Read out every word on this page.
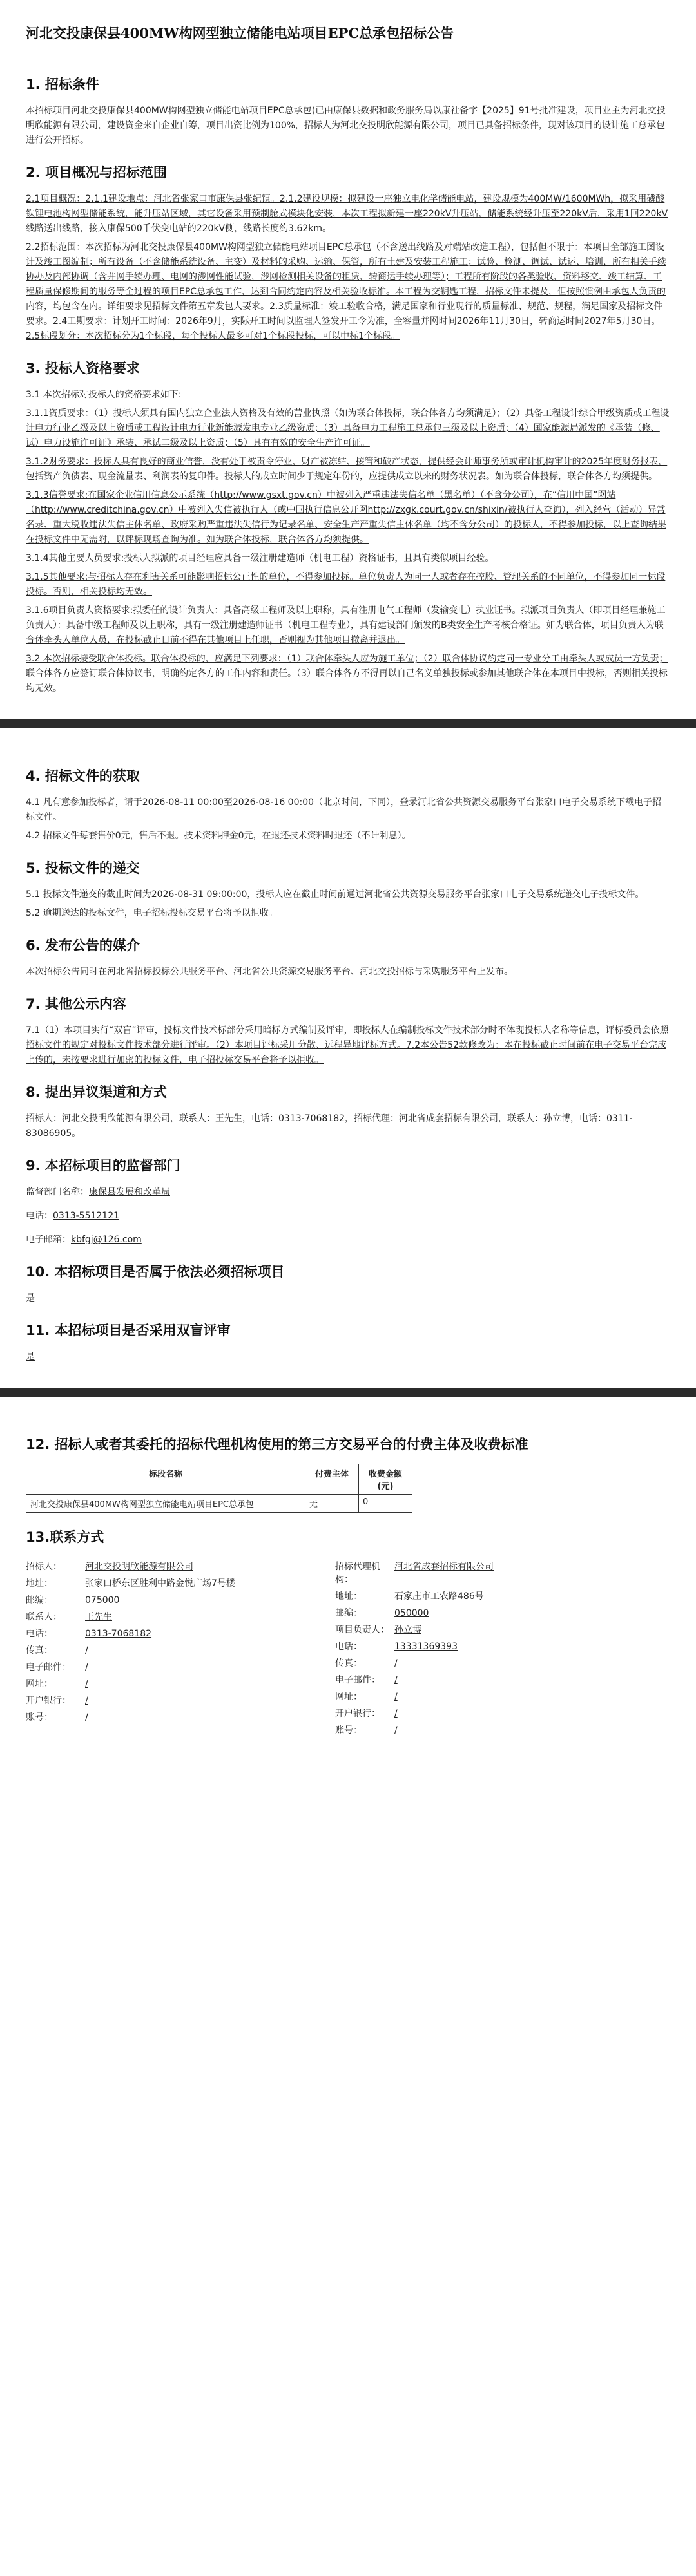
河北交投康保县400MW构网型独立储能电站项目EPC总承包招标公告
1. 招标条件

本招标项目河北交投康保县400MW构网型独立储能电站项目EPC总承包(已由康保县数据和政务服务局以康社备字【2025】91号批准建设，项目业主为河北交投明欣能源有限公司，建设资金来自企业自筹，项目出资比例为100%，招标人为河北交投明欣能源有限公司，项目已具备招标条件，现对该项目的设计施工总承包进行公开招标。

2. 项目概况与招标范围

2.1项目概况：2.1.1建设地点：河北省张家口市康保县张纪镇。2.1.2建设规模：拟建设一座独立电化学储能电站，建设规模为400MW/1600MWh，拟采用磷酸铁锂电池构网型储能系统，能升压站区域，其它设备采用预制舱式模块化安装，本次工程拟新建一座220kV升压站，储能系统经升压至220kV后，采用1回220kV线路送出线路，接入康保500千伏变电站的220kV侧，线路长度约3.62km。

2.2招标范围：本次招标为河北交投康保县400MW构网型独立储能电站项目EPC总承包（不含送出线路及对端站改造工程），包括但不限于：本项目全部施工图设计及竣工图编制；所有设备（不含储能系统设备、主变）及材料的采购、运输、保管，所有土建及安装工程施工；试验、检测、调试、试运、培训，所有相关手续协办及内部协调（含并网手续办理、电网的涉网性能试验，涉网检测相关设备的租赁，转商运手续办理等）；工程所有阶段的各类验收，资料移交、竣工结算、工程质量保修期间的服务等全过程的项目EPC总承包工作，达到合同约定内容及相关验收标准。本工程为交钥匙工程，招标文件未提及，但按照惯例由承包人负责的内容，均包含在内。详细要求见招标文件第五章发包人要求。2.3质量标准：竣工验收合格，满足国家和行业现行的质量标准、规范、规程，满足国家及招标文件要求。2.4工期要求：计划开工时间：2026年9月，实际开工时间以监理人签发开工令为准，全容量并网时间2026年11月30日，转商运时间2027年5月30日。2.5标段划分：本次招标分为1个标段，每个投标人最多可对1个标段投标，可以中标1个标段。

3. 投标人资格要求

3.1 本次招标对投标人的资格要求如下:

3.1.1资质要求：（1）投标人须具有国内独立企业法人资格及有效的营业执照（如为联合体投标，联合体各方均须满足）；（2）具备工程设计综合甲级资质或工程设计电力行业乙级及以上资质或工程设计电力行业新能源发电专业乙级资质；（3）具备电力工程施工总承包三级及以上资质；（4）国家能源局派发的《承装（修、试）电力设施许可证》承装、承试二级及以上资质；（5）具有有效的安全生产许可证。

3.1.2财务要求：投标人具有良好的商业信誉，没有处于被责令停业，财产被冻结、接管和破产状态，提供经会计师事务所或审计机构审计的2025年度财务报表，包括资产负债表、现金流量表、利润表的复印件。投标人的成立时间少于规定年份的，应提供成立以来的财务状况表。如为联合体投标，联合体各方均须提供。

3.1.3信誉要求:在国家企业信用信息公示系统（http://www.gsxt.gov.cn）中被列入严重违法失信名单（黑名单）（不含分公司），在“信用中国”网站（http://www.creditchina.gov.cn）中被列入失信被执行人（或中国执行信息公开网http://zxgk.court.gov.cn/shixin/被执行人查询），列入经营（活动）异常名录、重大税收违法失信主体名单、政府采购严重违法失信行为记录名单、安全生产严重失信主体名单（均不含分公司）的投标人，不得参加投标，以上查询结果在投标文件中无需附，以评标现场查询为准。如为联合体投标，联合体各方均须提供。

3.1.4其他主要人员要求:投标人拟派的项目经理应具备一级注册建造师（机电工程）资格证书，且具有类似项目经验。

3.1.5其他要求:与招标人存在利害关系可能影响招标公正性的单位，不得参加投标。单位负责人为同一人或者存在控股、管理关系的不同单位，不得参加同一标段投标。否则，相关投标均无效。

3.1.6项目负责人资格要求:拟委任的设计负责人：具备高级工程师及以上职称，具有注册电气工程师（发输变电）执业证书。拟派项目负责人（即项目经理兼施工负责人）：具备中级工程师及以上职称，具有一级注册建造师证书（机电工程专业），具有建设部门颁发的B类安全生产考核合格证。如为联合体，项目负责人为联合体牵头人单位人员，在投标截止日前不得在其他项目上任职，否则视为其他项目撤离并退出。

3.2 本次招标接受联合体投标。联合体投标的，应满足下列要求：（1）联合体牵头人应为施工单位；（2）联合体协议约定同一专业分工由牵头人或成员一方负责；联合体各方应签订联合体协议书，明确约定各方的工作内容和责任。（3）联合体各方不得再以自己名义单独投标或参加其他联合体在本项目中投标，否则相关投标均无效。

4. 招标文件的获取

4.1 凡有意参加投标者，请于2026-08-11 00:00至2026-08-16 00:00（北京时间，下同），登录河北省公共资源交易服务平台张家口电子交易系统下载电子招标文件。

4.2 招标文件每套售价0元，售后不退。技术资料押金0元，在退还技术资料时退还（不计利息）。

5. 投标文件的递交

5.1 投标文件递交的截止时间为2026-08-31 09:00:00，投标人应在截止时间前通过河北省公共资源交易服务平台张家口电子交易系统递交电子投标文件。

5.2 逾期送达的投标文件，电子招标投标交易平台将予以拒收。

6. 发布公告的媒介

本次招标公告同时在河北省招标投标公共服务平台、河北省公共资源交易服务平台、河北交投招标与采购服务平台上发布。

7. 其他公示内容

7.1（1）本项目实行“双盲”评审，投标文件技术标部分采用暗标方式编制及评审，即投标人在编制投标文件技术部分时不体现投标人名称等信息，评标委员会依照招标文件的规定对投标文件技术部分进行评审。（2）本项目评标采用分散、远程异地评标方式。7.2本公告52款修改为：本在投标截止时间前在电子交易平台完成上传的，未按要求进行加密的投标文件，电子招投标交易平台将予以拒收。

8. 提出异议渠道和方式

招标人：河北交投明欣能源有限公司，联系人：王先生，电话：0313-7068182，招标代理：河北省成套招标有限公司，联系人：孙立博，电话：0311-83086905。

9. 本招标项目的监督部门

监督部门名称：康保县发展和改革局

电话：0313-5512121

电子邮箱：kbfgj@126.com

10. 本招标项目是否属于依法必须招标项目

是

11. 本招标项目是否采用双盲评审

是

12. 招标人或者其委托的招标代理机构使用的第三方交易平台的付费主体及收费标准
标段名称	付费主体	收费金额(元)
河北交投康保县400MW构网型独立储能电站项目EPC总承包	无	0
13.联系方式
招标人：	河北交投明欣能源有限公司
地址：	张家口桥东区胜利中路金悦广场7号楼
邮编：	075000
联系人：	王先生
电话：	0313-7068182
传真：	/
电子邮件：	/
网址：	/
开户银行：	/
账号：	/
招标代理机构：
河北省成套招标有限公司
地址：	石家庄市工农路486号
邮编：	050000
项目负责人： 孙立博
电话：	13331369393
传真：	/
电子邮件：	/
网址：	/
开户银行：	/
账号：	/
